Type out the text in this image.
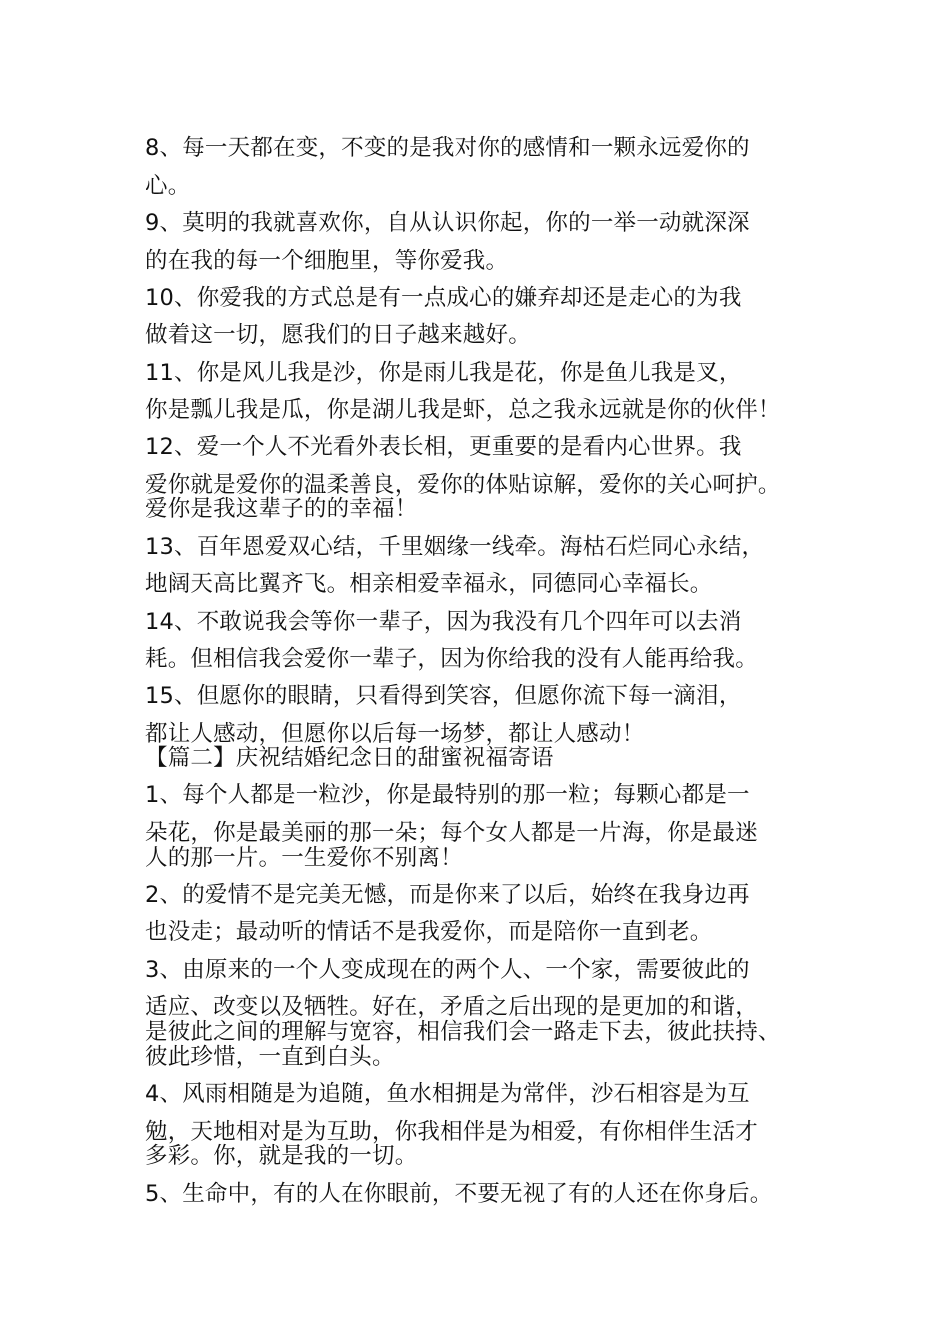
8、每一天都在变，不变的是我对你的感情和一颗永远爱你的
心。
9、莫明的我就喜欢你，自从认识你起，你的一举一动就深深
的在我的每一个细胞里，等你爱我。
10、你爱我的方式总是有一点成心的嫌弃却还是走心的为我
做着这一切，愿我们的日子越来越好。
11、你是风儿我是沙，你是雨儿我是花，你是鱼儿我是叉，
你是瓢儿我是瓜，你是湖儿我是虾，总之我永远就是你的伙伴！
12、爱一个人不光看外表长相，更重要的是看内心世界。我
爱你就是爱你的温柔善良，爱你的体贴谅解，爱你的关心呵护。
爱你是我这辈子的的幸福！
13、百年恩爱双心结，千里姻缘一线牵。海枯石烂同心永结，
地阔天高比翼齐飞。相亲相爱幸福永，同德同心幸福长。
14、不敢说我会等你一辈子，因为我没有几个四年可以去消
耗。但相信我会爱你一辈子，因为你给我的没有人能再给我。
15、但愿你的眼睛，只看得到笑容，但愿你流下每一滴泪，
都让人感动，但愿你以后每一场梦，都让人感动！
【篇二】庆祝结婚纪念日的甜蜜祝福寄语
1、每个人都是一粒沙，你是最特别的那一粒；每颗心都是一
朵花，你是最美丽的那一朵；每个女人都是一片海，你是最迷
人的那一片。一生爱你不别离！
2、的爱情不是完美无憾，而是你来了以后，始终在我身边再
也没走；最动听的情话不是我爱你，而是陪你一直到老。
3、由原来的一个人变成现在的两个人、一个家，需要彼此的
适应、改变以及牺牲。好在，矛盾之后出现的是更加的和谐，
是彼此之间的理解与宽容，相信我们会一路走下去，彼此扶持、
彼此珍惜，一直到白头。
4、风雨相随是为追随，鱼水相拥是为常伴，沙石相容是为互
勉，天地相对是为互助，你我相伴是为相爱，有你相伴生活才
多彩。你，就是我的一切。
5、生命中，有的人在你眼前，不要无视了有的人还在你身后。
